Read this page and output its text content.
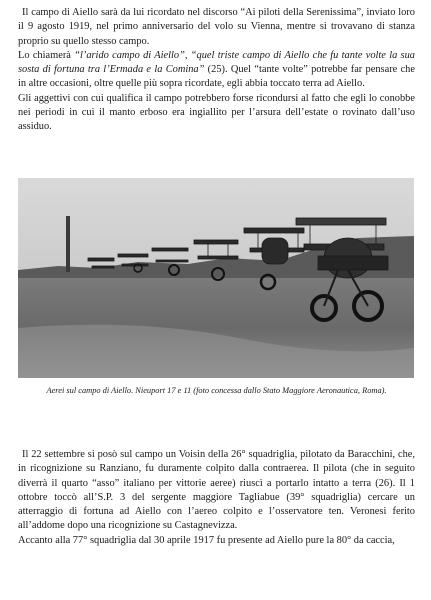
Il campo di Aiello sarà da lui ricordato nel discorso “Ai piloti della Serenissima”, inviato loro il 9 agosto 1919, nel primo anniversario del volo su Vienna, mentre si trovavano di stanza proprio su quello stesso campo.

Lo chiamerà “l’arido campo di Aiello”, “quel triste campo di Aiello che fu tante volte la sua sosta di fortuna tra l’Ermada e la Comina” (25). Quel “tante volte” potrebbe far pensare che in altre occasioni, oltre quelle più sopra ricordate, egli abbia toccato terra ad Aiello.

Gli aggettivi con cui qualifica il campo potrebbero forse ricondursi al fatto che egli lo conobbe nei periodi in cui il manto erboso era ingiallito per l’arsura dell’estate o rovinato dall’uso assiduo.

Aerei sul campo di Aiello. Nieuport 17 e 11 (foto concessa dallo Stato Maggiore Aeronautica, Roma).

Il 22 settembre si posò sul campo un Voisin della 26° squadriglia, pilotato da Baracchini, che, in ricognizione su Ranziano, fu duramente colpito dalla contraerea. Il pilota (che in seguito diverrà il quarto “asso” italiano per vittorie aeree) riuscì a portarlo intatto a terra (26). Il 1 ottobre toccò all’S.P. 3 del sergente maggiore Tagliabue (39° squadriglia) cercare un atterraggio di fortuna ad Aiello con l’aereo colpito e l’osservatore ten. Veronesi ferito all’addome dopo una ricognizione su Castagnevizza.

Accanto alla 77° squadriglia dal 30 aprile 1917 fu presente ad Aiello pure la 80° da caccia,
